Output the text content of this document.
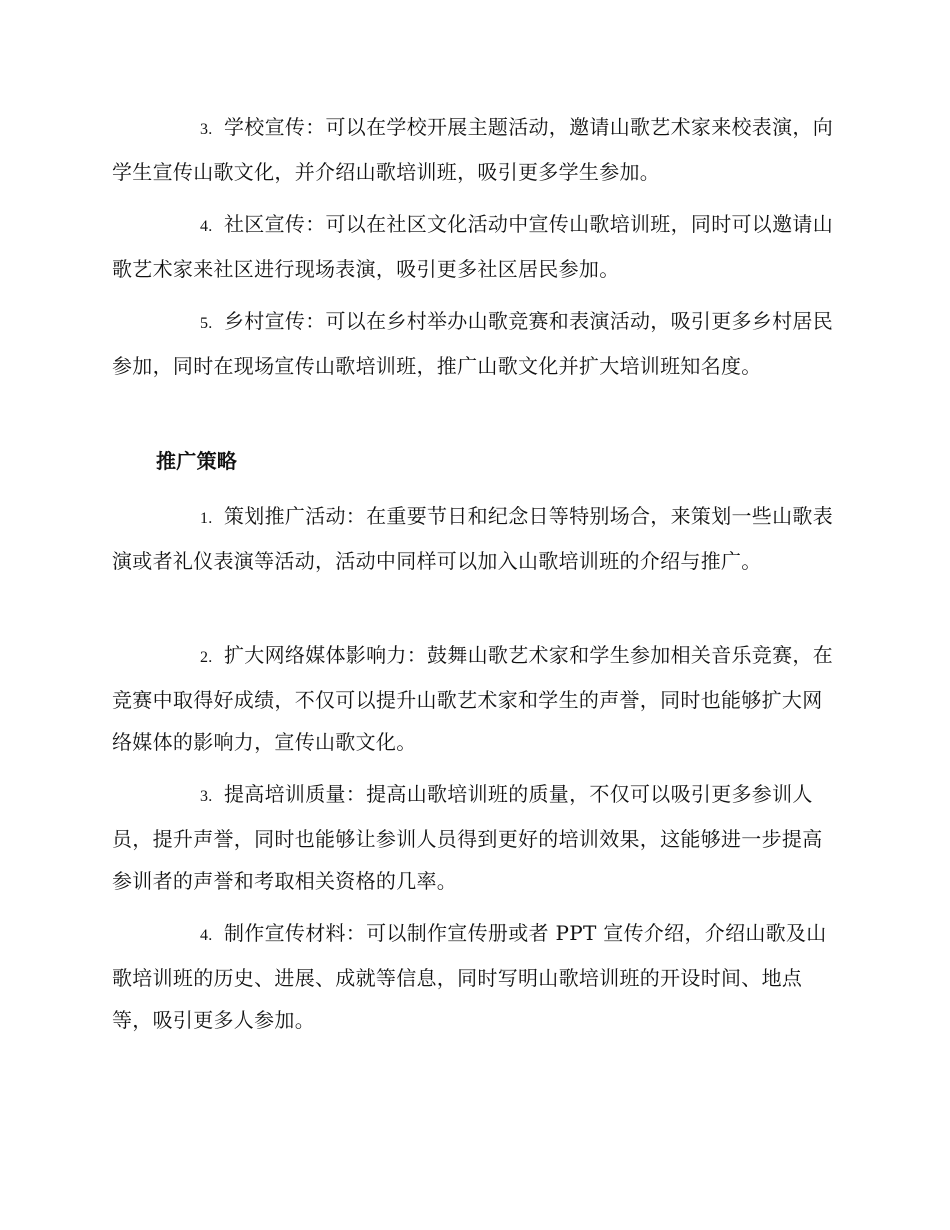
3. 学校宣传：可以在学校开展主题活动，邀请山歌艺术家来校表演，向学生宣传山歌文化，并介绍山歌培训班，吸引更多学生参加。

4. 社区宣传：可以在社区文化活动中宣传山歌培训班，同时可以邀请山歌艺术家来社区进行现场表演，吸引更多社区居民参加。

5. 乡村宣传：可以在乡村举办山歌竞赛和表演活动，吸引更多乡村居民参加，同时在现场宣传山歌培训班，推广山歌文化并扩大培训班知名度。

推广策略

1. 策划推广活动：在重要节日和纪念日等特别场合，来策划一些山歌表演或者礼仪表演等活动，活动中同样可以加入山歌培训班的介绍与推广。

2. 扩大网络媒体影响力：鼓舞山歌艺术家和学生参加相关音乐竞赛，在竞赛中取得好成绩，不仅可以提升山歌艺术家和学生的声誉，同时也能够扩大网络媒体的影响力，宣传山歌文化。

3. 提高培训质量：提高山歌培训班的质量，不仅可以吸引更多参训人员，提升声誉，同时也能够让参训人员得到更好的培训效果，这能够进一步提高参训者的声誉和考取相关资格的几率。

4. 制作宣传材料：可以制作宣传册或者 PPT 宣传介绍，介绍山歌及山歌培训班的历史、进展、成就等信息，同时写明山歌培训班的开设时间、地点等，吸引更多人参加。
